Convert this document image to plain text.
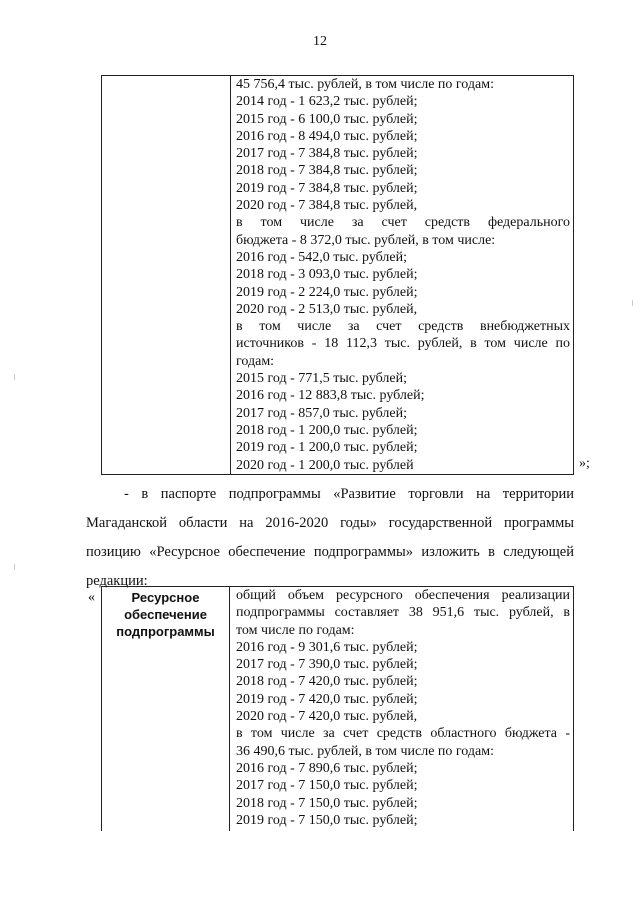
12
45 756,4 тыс. рублей, в том числе по годам:
2014 год - 1 623,2 тыс. рублей;
2015 год - 6 100,0 тыс. рублей;
2016 год - 8 494,0 тыс. рублей;
2017 год - 7 384,8 тыс. рублей;
2018 год - 7 384,8 тыс. рублей;
2019 год - 7 384,8 тыс. рублей;
2020 год - 7 384,8 тыс. рублей,
в том числе за счет средств федерального
бюджета - 8 372,0 тыс. рублей, в том числе:
2016 год - 542,0 тыс. рублей;
2018 год - 3 093,0 тыс. рублей;
2019 год - 2 224,0 тыс. рублей;
2020 год - 2 513,0 тыс. рублей,
в том числе за счет средств внебюджетных
источников - 18 112,3 тыс. рублей, в том числе по
годам:
2015 год - 771,5 тыс. рублей;
2016 год - 12 883,8 тыс. рублей;
2017 год - 857,0 тыс. рублей;
2018 год - 1 200,0 тыс. рублей;
2019 год - 1 200,0 тыс. рублей;
2020 год - 1 200,0 тыс. рублей	»;
- в паспорте подпрограммы «Развитие торговли на территории
Магаданской области на 2016-2020 годы» государственной программы
позицию «Ресурсное обеспечение подпрограммы» изложить в следующей
редакции:
«	Ресурсное
обеспечение
подпрограммы
общий объем ресурсного обеспечения реализации
подпрограммы составляет 38 951,6 тыс. рублей, в
том числе по годам:
2016 год - 9 301,6 тыс. рублей;
2017 год - 7 390,0 тыс. рублей;
2018 год - 7 420,0 тыс. рублей;
2019 год - 7 420,0 тыс. рублей;
2020 год - 7 420,0 тыс. рублей,
в том числе за счет средств областного бюджета -
36 490,6 тыс. рублей, в том числе по годам:
2016 год - 7 890,6 тыс. рублей;
2017 год - 7 150,0 тыс. рублей;
2018 год - 7 150,0 тыс. рублей;
2019 год - 7 150,0 тыс. рублей;
